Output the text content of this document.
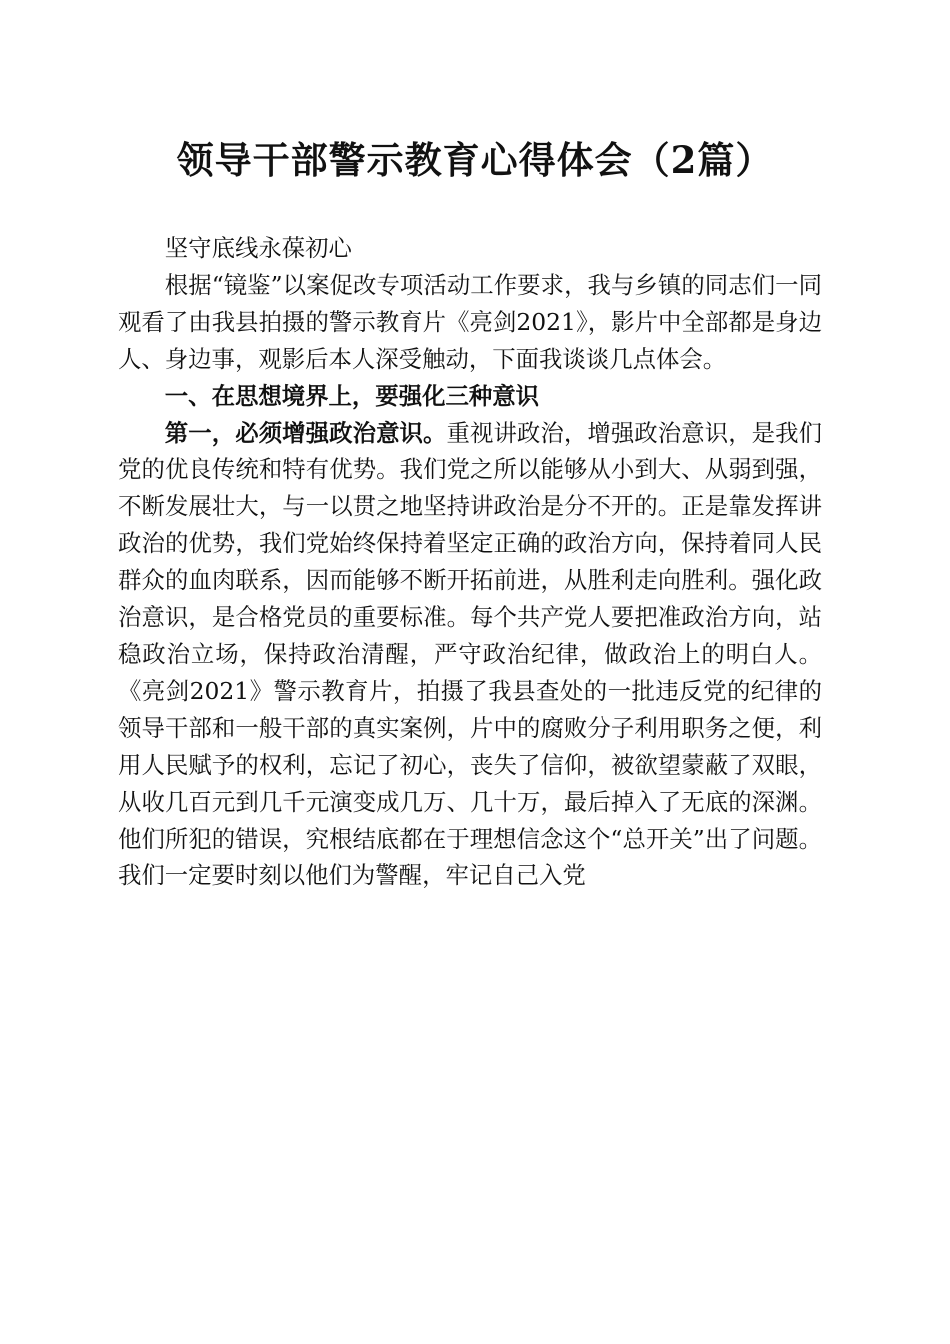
领导干部警示教育心得体会（2篇）

坚守底线永葆初心

根据“镜鉴”以案促改专项活动工作要求，我与乡镇的同志们一同观看了由我县拍摄的警示教育片《亮剑2021》，影片中全部都是身边人、身边事，观影后本人深受触动，下面我谈谈几点体会。

一、在思想境界上，要强化三种意识

第一，必须增强政治意识。重视讲政治，增强政治意识，是我们党的优良传统和特有优势。我们党之所以能够从小到大、从弱到强，不断发展壮大，与一以贯之地坚持讲政治是分不开的。正是靠发挥讲政治的优势，我们党始终保持着坚定正确的政治方向，保持着同人民群众的血肉联系，因而能够不断开拓前进，从胜利走向胜利。强化政治意识，是合格党员的重要标准。每个共产党人要把准政治方向，站稳政治立场，保持政治清醒，严守政治纪律，做政治上的明白人。《亮剑2021》警示教育片，拍摄了我县查处的一批违反党的纪律的领导干部和一般干部的真实案例，片中的腐败分子利用职务之便，利用人民赋予的权利，忘记了初心，丧失了信仰，被欲望蒙蔽了双眼，从收几百元到几千元演变成几万、几十万，最后掉入了无底的深渊。他们所犯的错误，究根结底都在于理想信念这个“总开关”出了问题。我们一定要时刻以他们为警醒，牢记自己入党
